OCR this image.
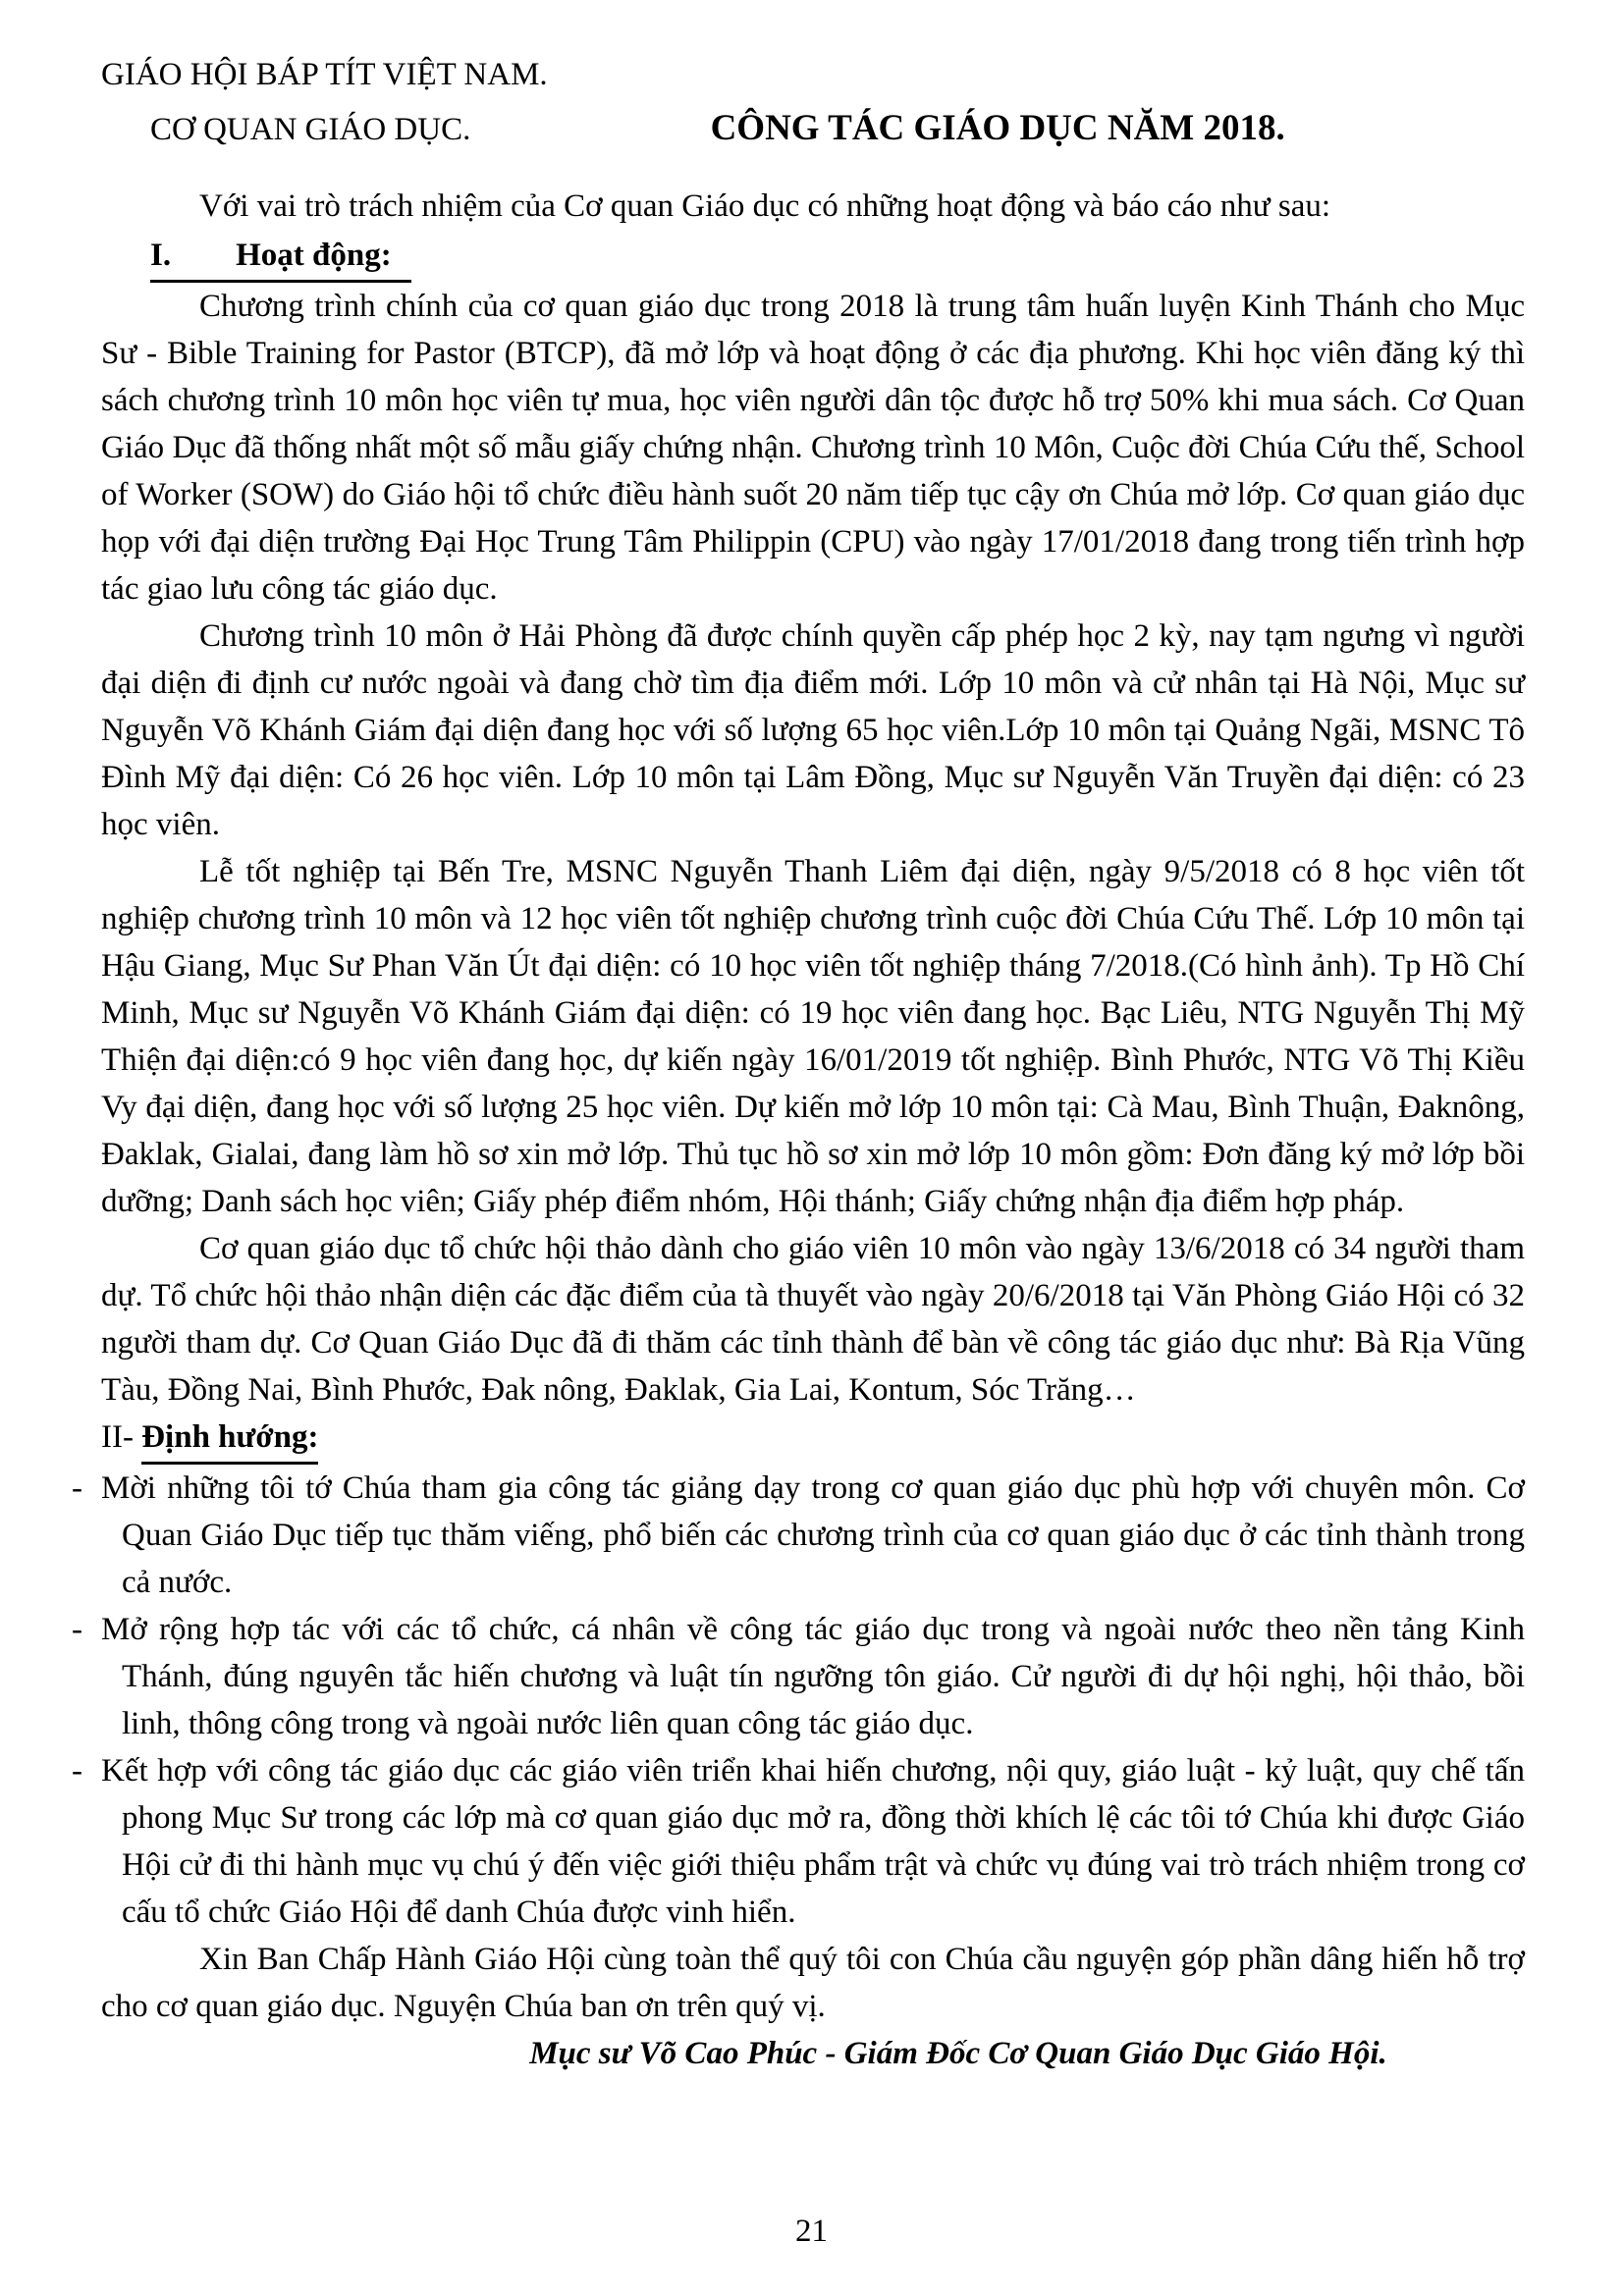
GIÁO HỘI BÁP TÍT VIỆT NAM.
CƠ QUAN GIÁO DỤC.	CÔNG TÁC GIÁO DỤC NĂM 2018.

Với vai trò trách nhiệm của Cơ quan Giáo dục có những hoạt động và báo cáo như sau:

I. Hoạt động:

Chương trình chính của cơ quan giáo dục trong 2018 là trung tâm huấn luyện Kinh Thánh cho Mục Sư - Bible Training for Pastor (BTCP), đã mở lớp và hoạt động ở các địa phương. Khi học viên đăng ký thì sách chương trình 10 môn học viên tự mua, học viên người dân tộc được hỗ trợ 50% khi mua sách. Cơ Quan Giáo Dục đã thống nhất một số mẫu giấy chứng nhận. Chương trình 10 Môn, Cuộc đời Chúa Cứu thế, School of Worker (SOW) do Giáo hội tổ chức điều hành suốt 20 năm tiếp tục cậy ơn Chúa mở lớp. Cơ quan giáo dục họp với đại diện trường Đại Học Trung Tâm Philippin (CPU) vào ngày 17/01/2018 đang trong tiến trình hợp tác giao lưu công tác giáo dục.

Chương trình 10 môn ở Hải Phòng đã được chính quyền cấp phép học 2 kỳ, nay tạm ngưng vì người đại diện đi định cư nước ngoài và đang chờ tìm địa điểm mới. Lớp 10 môn và cử nhân tại Hà Nội, Mục sư Nguyễn Võ Khánh Giám đại diện đang học với số lượng 65 học viên.Lớp 10 môn tại Quảng Ngãi, MSNC Tô Đình Mỹ đại diện: Có 26 học viên. Lớp 10 môn tại Lâm Đồng, Mục sư Nguyễn Văn Truyền đại diện: có 23 học viên.

Lễ tốt nghiệp tại Bến Tre, MSNC Nguyễn Thanh Liêm đại diện, ngày 9/5/2018 có 8 học viên tốt nghiệp chương trình 10 môn và 12 học viên tốt nghiệp chương trình cuộc đời Chúa Cứu Thế. Lớp 10 môn tại Hậu Giang, Mục Sư Phan Văn Út đại diện: có 10 học viên tốt nghiệp tháng 7/2018.(Có hình ảnh). Tp Hồ Chí Minh, Mục sư Nguyễn Võ Khánh Giám đại diện: có 19 học viên đang học. Bạc Liêu, NTG Nguyễn Thị Mỹ Thiện đại diện:có 9 học viên đang học, dự kiến ngày 16/01/2019 tốt nghiệp. Bình Phước, NTG Võ Thị Kiều Vy đại diện, đang học với số lượng 25 học viên. Dự kiến mở lớp 10 môn tại: Cà Mau, Bình Thuận, Đaknông, Đaklak, Gialai, đang làm hồ sơ xin mở lớp. Thủ tục hồ sơ xin mở lớp 10 môn gồm: Đơn đăng ký mở lớp bồi dưỡng; Danh sách học viên; Giấy phép điểm nhóm, Hội thánh; Giấy chứng nhận địa điểm hợp pháp.

Cơ quan giáo dục tổ chức hội thảo dành cho giáo viên 10 môn vào ngày 13/6/2018 có 34 người tham dự. Tổ chức hội thảo nhận diện các đặc điểm của tà thuyết vào ngày 20/6/2018 tại Văn Phòng Giáo Hội có 32 người tham dự. Cơ Quan Giáo Dục đã đi thăm các tỉnh thành để bàn về công tác giáo dục như: Bà Rịa Vũng Tàu, Đồng Nai, Bình Phước, Đak nông, Đaklak, Gia Lai, Kontum, Sóc Trăng…

II- Định hướng:

- Mời những tôi tớ Chúa tham gia công tác giảng dạy trong cơ quan giáo dục phù hợp với chuyên môn. Cơ Quan Giáo Dục tiếp tục thăm viếng, phổ biến các chương trình của cơ quan giáo dục ở các tỉnh thành trong cả nước.

- Mở rộng hợp tác với các tổ chức, cá nhân về công tác giáo dục trong và ngoài nước theo nền tảng Kinh Thánh, đúng nguyên tắc hiến chương và luật tín ngưỡng tôn giáo. Cử người đi dự hội nghị, hội thảo, bồi linh, thông công trong và ngoài nước liên quan công tác giáo dục.

- Kết hợp với công tác giáo dục các giáo viên triển khai hiến chương, nội quy, giáo luật - kỷ luật, quy chế tấn phong Mục Sư trong các lớp mà cơ quan giáo dục mở ra, đồng thời khích lệ các tôi tớ Chúa khi được Giáo Hội cử đi thi hành mục vụ chú ý đến việc giới thiệu phẩm trật và chức vụ đúng vai trò trách nhiệm trong cơ cấu tổ chức Giáo Hội để danh Chúa được vinh hiển.

Xin Ban Chấp Hành Giáo Hội cùng toàn thể quý tôi con Chúa cầu nguyện góp phần dâng hiến hỗ trợ cho cơ quan giáo dục. Nguyện Chúa ban ơn trên quý vị.

Mục sư Võ Cao Phúc - Giám Đốc Cơ Quan Giáo Dục Giáo Hội.

21
